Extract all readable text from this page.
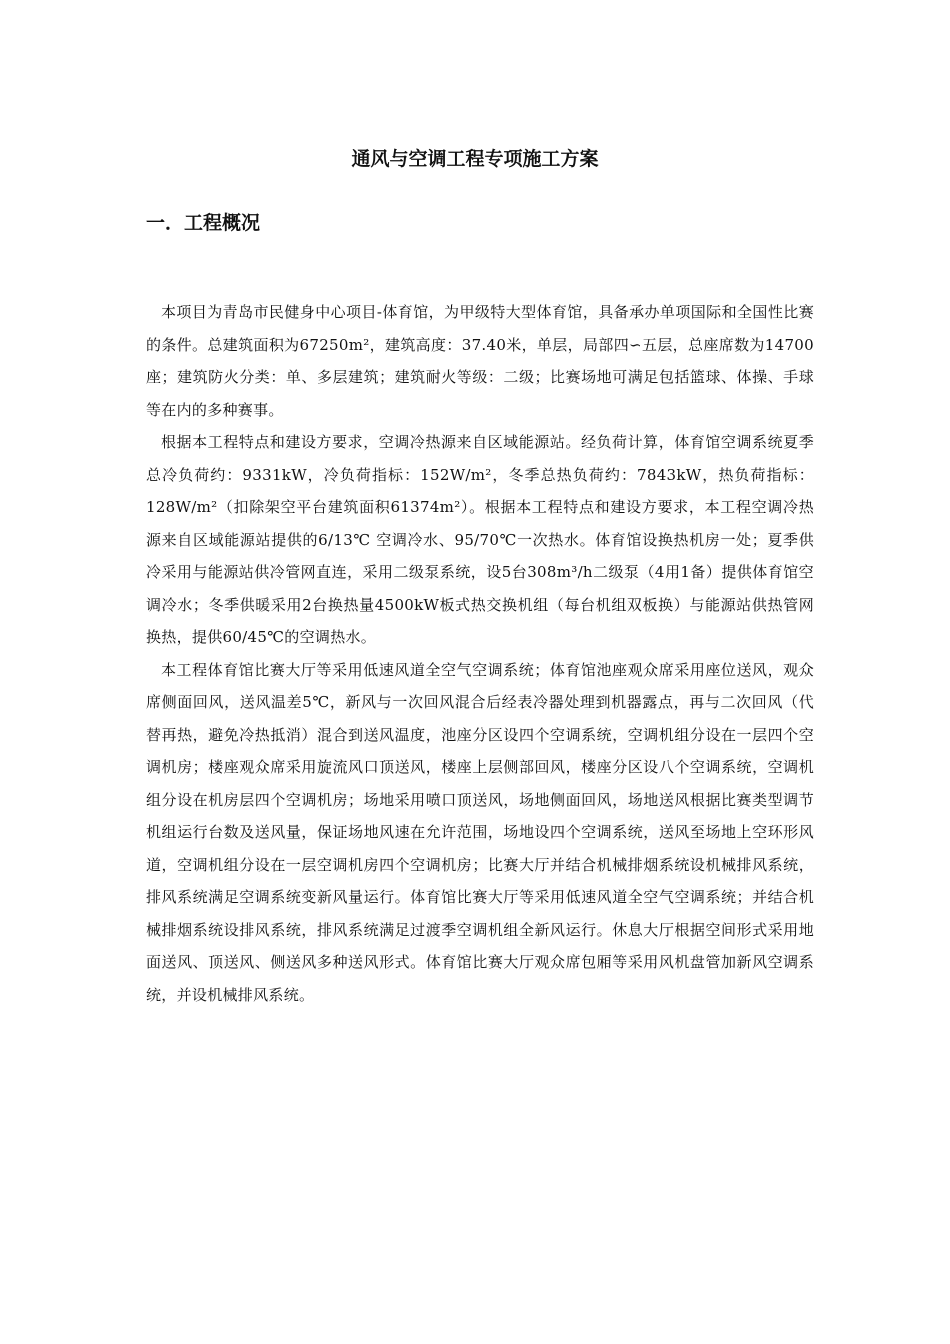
通风与空调工程专项施工方案
一．工程概况

本项目为青岛市民健身中心项目-体育馆，为甲级特大型体育馆，具备承办单项国际和全国性比赛的条件。总建筑面积为67250m²，建筑高度：37.40米，单层，局部四∽五层，总座席数为14700座；建筑防火分类：单、多层建筑；建筑耐火等级：二级；比赛场地可满足包括篮球、体操、手球等在内的多种赛事。

根据本工程特点和建设方要求，空调冷热源来自区域能源站。经负荷计算，体育馆空调系统夏季总冷负荷约：9331kW，冷负荷指标：152W/m²，冬季总热负荷约：7843kW，热负荷指标：128W/m²（扣除架空平台建筑面积61374m²）。根据本工程特点和建设方要求，本工程空调冷热源来自区域能源站提供的6/13℃ 空调冷水、95/70℃一次热水。体育馆设换热机房一处；夏季供冷采用与能源站供冷管网直连，采用二级泵系统，设5台308m³/h二级泵（4用1备）提供体育馆空调冷水；冬季供暖采用2台换热量4500kW板式热交换机组（每台机组双板换）与能源站供热管网换热，提供60/45℃的空调热水。

本工程体育馆比赛大厅等采用低速风道全空气空调系统；体育馆池座观众席采用座位送风，观众席侧面回风，送风温差5℃，新风与一次回风混合后经表冷器处理到机器露点，再与二次回风（代替再热，避免冷热抵消）混合到送风温度，池座分区设四个空调系统，空调机组分设在一层四个空调机房；楼座观众席采用旋流风口顶送风，楼座上层侧部回风，楼座分区设八个空调系统，空调机组分设在机房层四个空调机房；场地采用喷口顶送风，场地侧面回风，场地送风根据比赛类型调节机组运行台数及送风量，保证场地风速在允许范围，场地设四个空调系统，送风至场地上空环形风道，空调机组分设在一层空调机房四个空调机房；比赛大厅并结合机械排烟系统设机械排风系统，排风系统满足空调系统变新风量运行。体育馆比赛大厅等采用低速风道全空气空调系统；并结合机械排烟系统设排风系统，排风系统满足过渡季空调机组全新风运行。休息大厅根据空间形式采用地面送风、顶送风、侧送风多种送风形式。体育馆比赛大厅观众席包厢等采用风机盘管加新风空调系统，并设机械排风系统。
